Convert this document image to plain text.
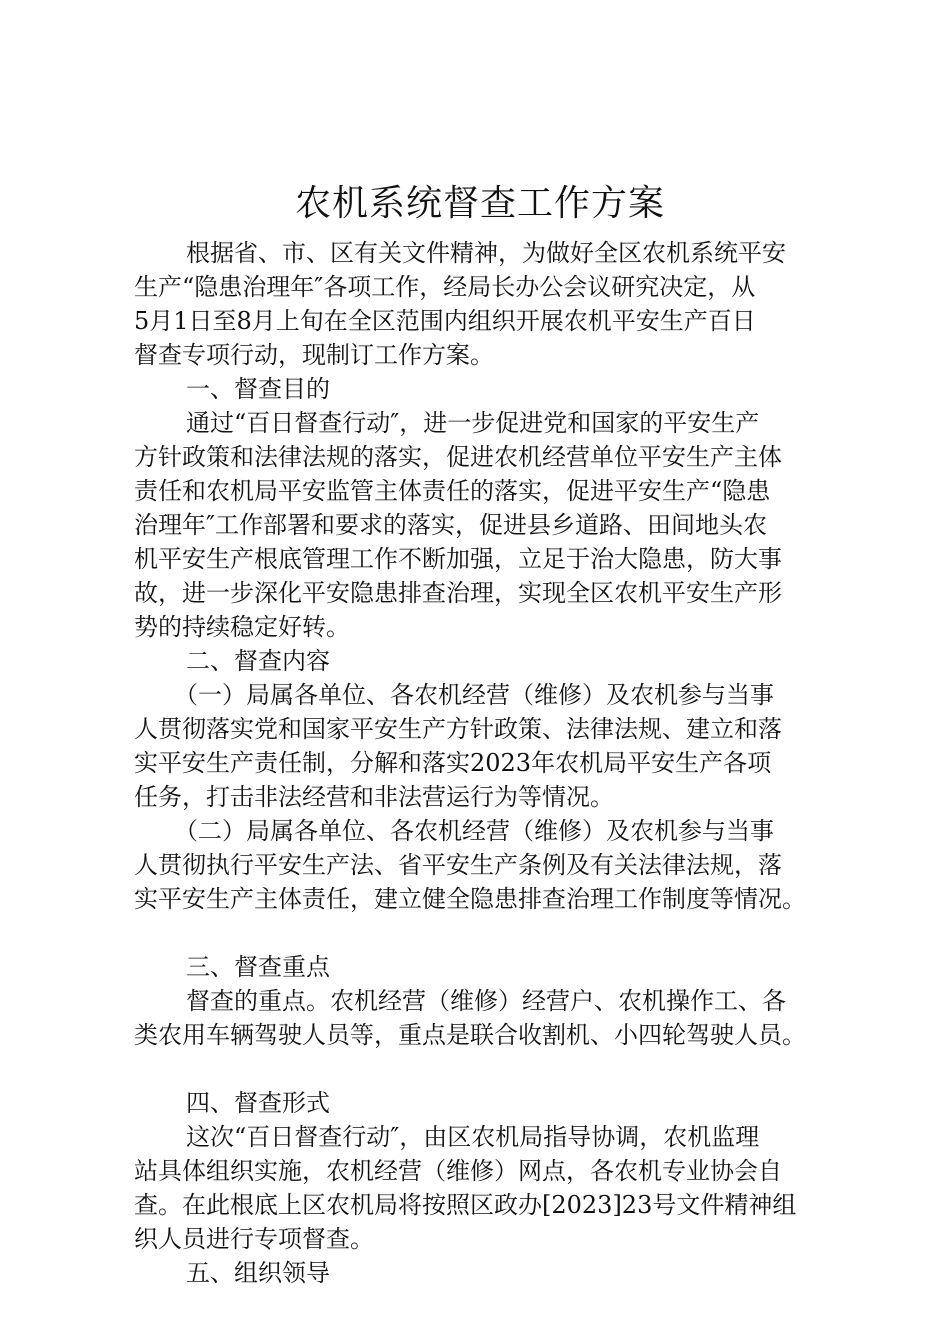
农机系统督查工作方案
根据省、市、区有关文件精神，为做好全区农机系统平安
生产“隐患治理年″各项工作，经局长办公会议研究决定，从
5月1日至8月上旬在全区范围内组织开展农机平安生产百日
督查专项行动，现制订工作方案。
一、督查目的
通过“百日督查行动″，进一步促进党和国家的平安生产
方针政策和法律法规的落实，促进农机经营单位平安生产主体
责任和农机局平安监管主体责任的落实，促进平安生产“隐患
治理年″工作部署和要求的落实，促进县乡道路、田间地头农
机平安生产根底管理工作不断加强，立足于治大隐患，防大事
故，进一步深化平安隐患排查治理，实现全区农机平安生产形
势的持续稳定好转。
二、督查内容
（一）局属各单位、各农机经营（维修）及农机参与当事
人贯彻落实党和国家平安生产方针政策、法律法规、建立和落
实平安生产责任制，分解和落实2023年农机局平安生产各项
任务，打击非法经营和非法营运行为等情况。
（二）局属各单位、各农机经营（维修）及农机参与当事
人贯彻执行平安生产法、省平安生产条例及有关法律法规，落
实平安生产主体责任，建立健全隐患排查治理工作制度等情况。
三、督查重点
督查的重点。农机经营（维修）经营户、农机操作工、各
类农用车辆驾驶人员等，重点是联合收割机、小四轮驾驶人员。
四、督查形式
这次“百日督查行动″，由区农机局指导协调，农机监理
站具体组织实施，农机经营（维修）网点，各农机专业协会自
查。在此根底上区农机局将按照区政办[2023]23号文件精神组
织人员进行专项督查。
五、组织领导
